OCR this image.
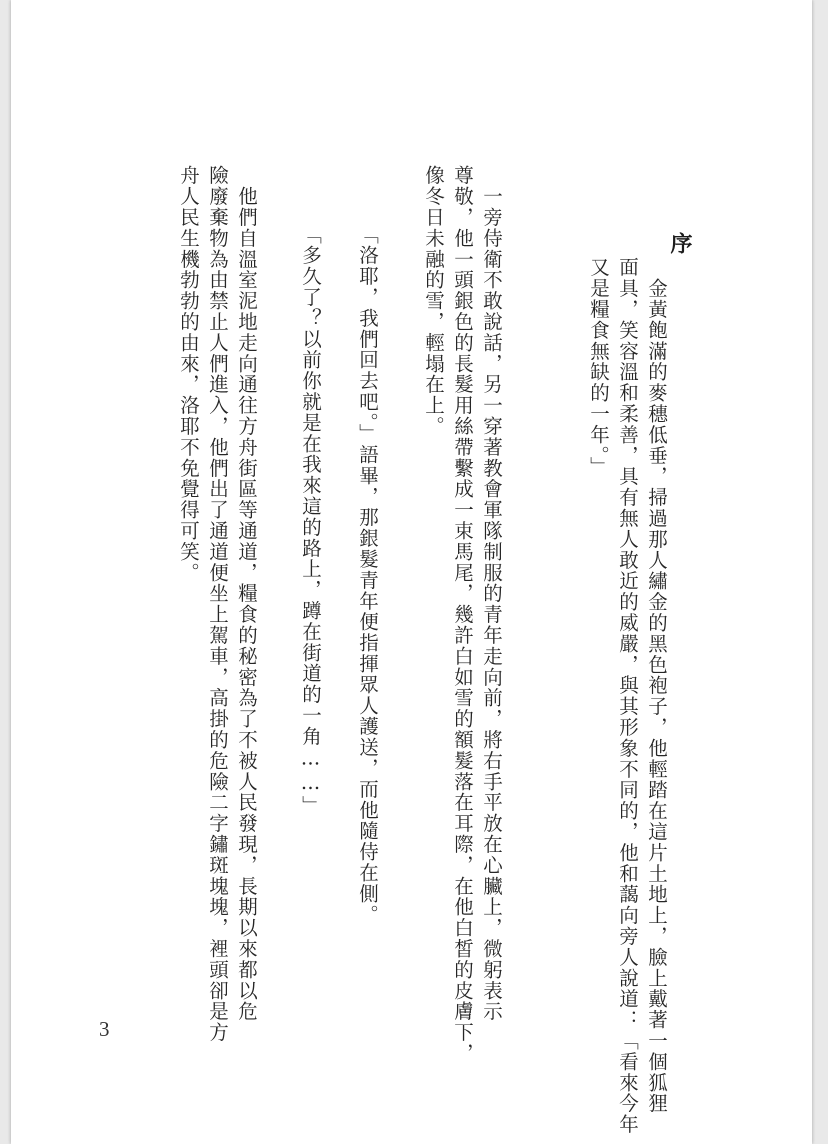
序

　金黃飽滿的麥穗低垂，掃過那人繡金的黑色袍子，他輕踏在這片土地上，臉上戴著一個狐狸
面具，笑容溫和柔善，具有無人敢近的威嚴，與其形象不同的，他和藹向旁人說道：「看來今年
又是糧食無缺的一年。」

　一旁侍衛不敢說話，另一穿著教會軍隊制服的青年走向前，將右手平放在心臟上，微躬表示
尊敬，他一頭銀色的長髮用絲帶繫成一束馬尾，幾許白如雪的額髮落在耳際，在他白皙的皮膚下，
像冬日未融的雪，輕塌在上。

　「洛耶，我們回去吧。」語畢，那銀髮青年便指揮眾人護送，而他隨侍在側。

　「多久了？以前你就是在我來這的路上，蹲在街道的一角……」

　他們自溫室泥地走向通往方舟街區等通道，糧食的秘密為了不被人民發現，長期以來都以危
險廢棄物為由禁止人們進入，他們出了通道便坐上駕車，高掛的危險二字鏽斑塊塊，裡頭卻是方
舟人民生機勃勃的由來，洛耶不免覺得可笑。

3
